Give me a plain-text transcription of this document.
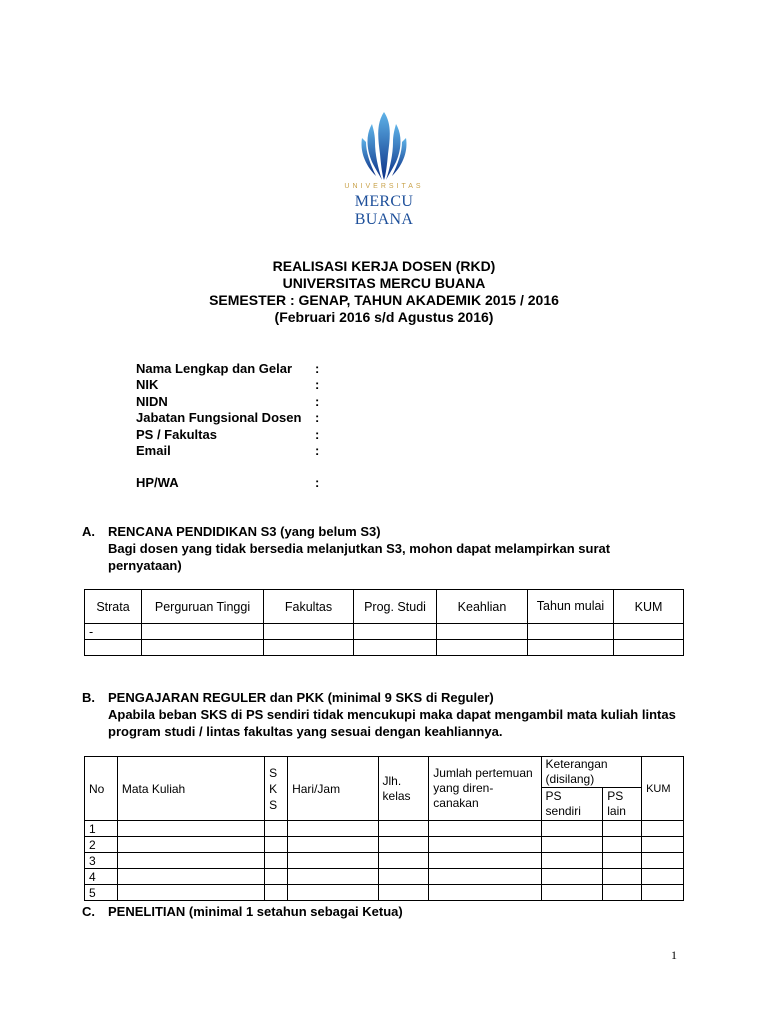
UNIVERSITAS
MERCU BUANA
REALISASI KERJA DOSEN (RKD)
UNIVERSITAS MERCU BUANA
SEMESTER : GENAP, TAHUN AKADEMIK 2015 / 2016
(Februari 2016 s/d Agustus 2016)
Nama Lengkap dan Gelar :
NIK	:
NIDN	:
Jabatan Fungsional Dosen :
PS / Fakultas	:
Email	:
HP/WA	:
A. RENCANA PENDIDIKAN S3 (yang belum S3)
Bagi dosen yang tidak bersedia melanjutkan S3, mohon dapat melampirkan surat pernyataan)
Strata	Perguruan Tinggi	Fakultas	Prog. Studi	Keahlian	Tahun mulai	KUM
-						

B. PENGAJARAN REGULER dan PKK (minimal 9 SKS di Reguler)
Apabila beban SKS di PS sendiri tidak mencukupi maka dapat mengambil mata kuliah lintas program studi / lintas fakultas yang sesuai dengan keahliannya.
No	Mata Kuliah	S K S	Hari/Jam	Jlh. kelas	Jumlah pertemuan yang diren-canakan	Keterangan (disilang)		KUM
						PS sendiri	PS lain	
1								
2								
3								
4								
5								
C. PENELITIAN (minimal 1 setahun sebagai Ketua)
1
